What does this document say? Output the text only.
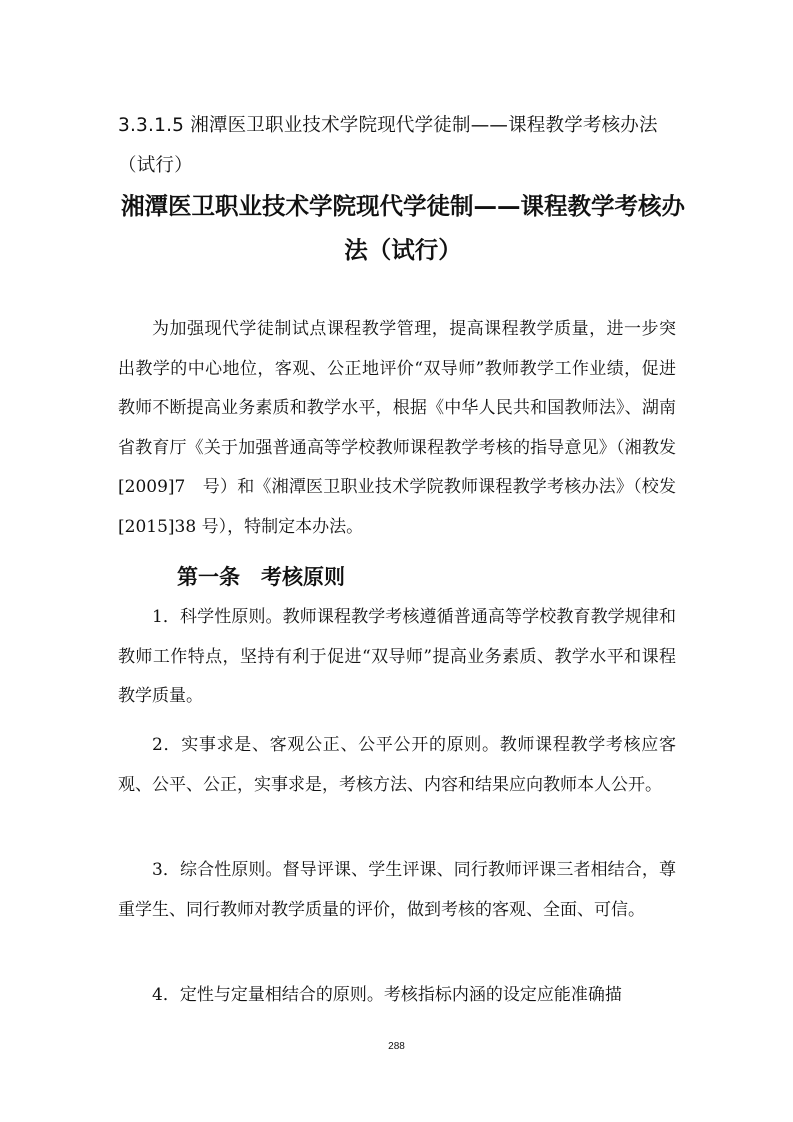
3.3.1.5 湘潭医卫职业技术学院现代学徒制——课程教学考核办法（试行）
湘潭医卫职业技术学院现代学徒制——课程教学考核办法（试行）
为加强现代学徒制试点课程教学管理，提高课程教学质量，进一步突出教学的中心地位，客观、公正地评价“双导师”教师教学工作业绩，促进教师不断提高业务素质和教学水平，根据《中华人民共和国教师法》、湖南省教育厅《关于加强普通高等学校教师课程教学考核的指导意见》（湘教发[2009]7　号）和《湘潭医卫职业技术学院教师课程教学考核办法》（校发[2015]38 号），特制定本办法。
第一条　考核原则
1．科学性原则。教师课程教学考核遵循普通高等学校教育教学规律和教师工作特点，坚持有利于促进“双导师”提高业务素质、教学水平和课程教学质量。
2．实事求是、客观公正、公平公开的原则。教师课程教学考核应客观、公平、公正，实事求是，考核方法、内容和结果应向教师本人公开。
3．综合性原则。督导评课、学生评课、同行教师评课三者相结合，尊重学生、同行教师对教学质量的评价，做到考核的客观、全面、可信。
4．定性与定量相结合的原则。考核指标内涵的设定应能准确描
288
